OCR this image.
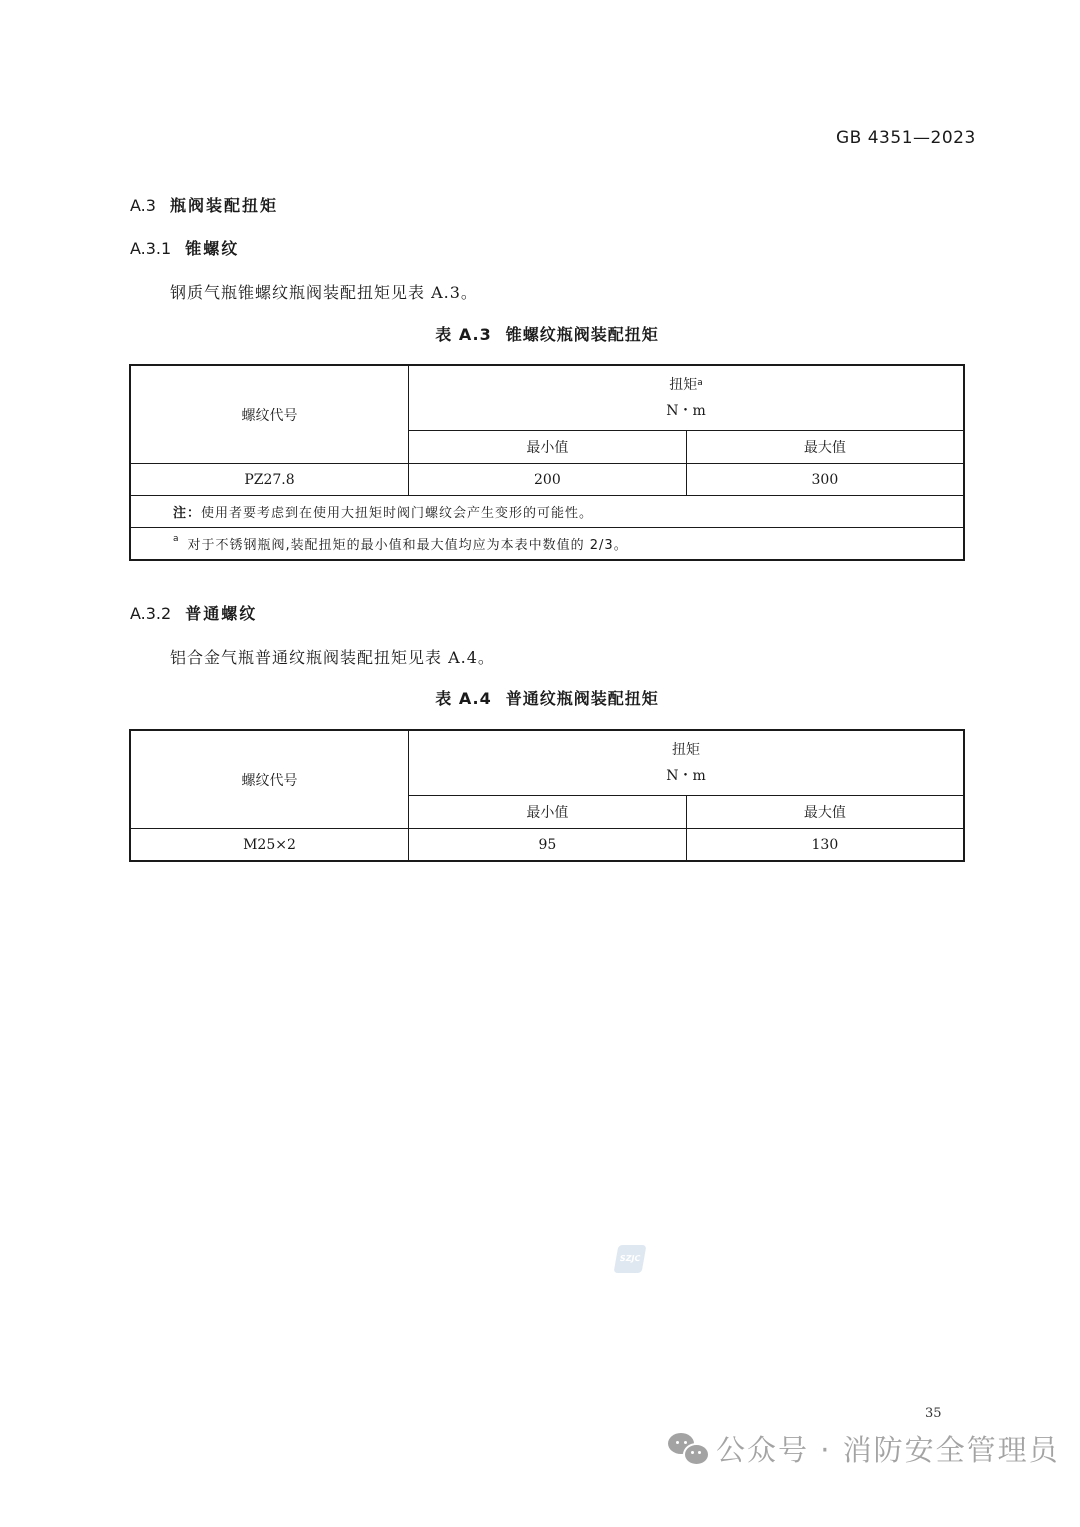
GB 4351—2023
A.3 瓶阀装配扭矩
A.3.1 锥螺纹
钢质气瓶锥螺纹瓶阀装配扭矩见表 A.3。
表 A.3 锥螺纹瓶阀装配扭矩
螺纹代号	扭矩$^a$
N・m	

	最小值	最大值
PZ27.8	200	300
注：使用者要考虑到在使用大扭矩时阀门螺纹会产生变形的可能性。		
$^a$ 对于不锈钢瓶阀,装配扭矩的最小值和最大值均应为本表中数值的 2/3。		
A.3.2 普通螺纹
铝合金气瓶普通纹瓶阀装配扭矩见表 A.4。
表 A.4 普通纹瓶阀装配扭矩
螺纹代号	扭矩
N・m	

	最小值	最大值
M25×2	95	130
SZJC
35
公众号 · 消防安全管理员
